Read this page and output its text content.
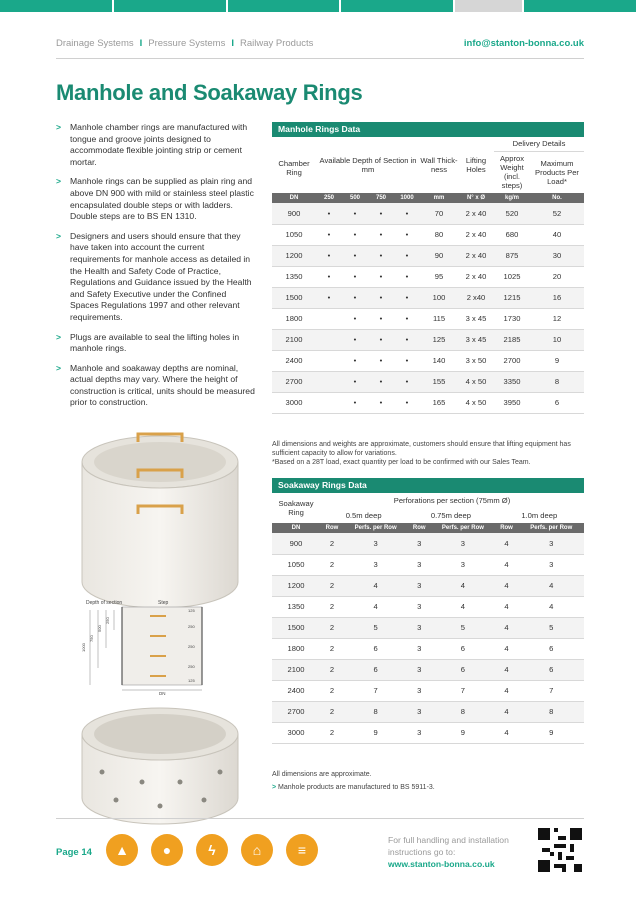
Drainage Systems I Pressure Systems I Railway Products	info@stanton-bonna.co.uk
Manhole and Soakaway Rings
> Manhole chamber rings are manufactured with tongue and groove joints designed to accommodate flexible jointing strip or cement mortar.
> Manhole rings can be supplied as plain ring and above DN 900 with mild or stainless steel plastic encapsulated double steps or with ladders. Double steps are to BS EN 1310.
> Designers and users should ensure that they have taken into account the current requirements for manhole access as detailed in the Health and Safety Code of Practice, Regulations and Guidance issued by the Health and Safety Executive under the Confined Spaces Regulations 1997 and other relevant requirements.
> Plugs are available to seal the lifting holes in manhole rings.
> Manhole and soakaway depths are nominal, actual depths may vary. Where the height of construction is critical, units should be measured prior to construction.
Depth of section	Step
1000
750
500
250
125
250
250
250
125
DN
Manhole Rings Data
Chamber Ring	Available Depth of Section in mm				Wall Thick-ness	Lifting Holes	Delivery Details	
							Approx Weight (incl. steps)	Maximum Products Per Load*
DN	250	500	750	1000	mm	N° x Ø	kg/m	No.
900	•	•	•	•	70	2 x 40	520	52
1050	•	•	•	•	80	2 x 40	680	40
1200	•	•	•	•	90	2 x 40	875	30
1350	•	•	•	•	95	2 x 40	1025	20
1500	•	•	•	•	100	2 x40	1215	16
1800		•	•	•	115	3 x 45	1730	12
2100		•	•	•	125	3 x 45	2185	10
2400		•	•	•	140	3 x 50	2700	9
2700		•	•	•	155	4 x 50	3350	8
3000		•	•	•	165	4 x 50	3950	6
All dimensions and weights are approximate, customers should ensure that lifting equipment has sufficient capacity to allow for variations.
*Based on a 28T load, exact quantity per load to be confirmed with our Sales Team.
Soakaway Rings Data
Soakaway Ring	Perforations per section (75mm Ø)					
	0.5m deep		0.75m deep		1.0m deep	
DN	Row	Perfs. per Row	Row	Perfs. per Row	Row	Perfs. per Row
900	2	3	3	3	4	3
1050	2	3	3	3	4	3
1200	2	4	3	4	4	4
1350	2	4	3	4	4	4
1500	2	5	3	5	4	5
1800	2	6	3	6	4	6
2100	2	6	3	6	4	6
2400	2	7	3	7	4	7
2700	2	8	3	8	4	8
3000	2	9	3	9	4	9
All dimensions are approximate.
> Manhole products are manufactured to BS 5911-3.
Page 14	▲	●	ϟ	⌂	≡
For full handling and installation instructions go to:
www.stanton-bonna.co.uk
